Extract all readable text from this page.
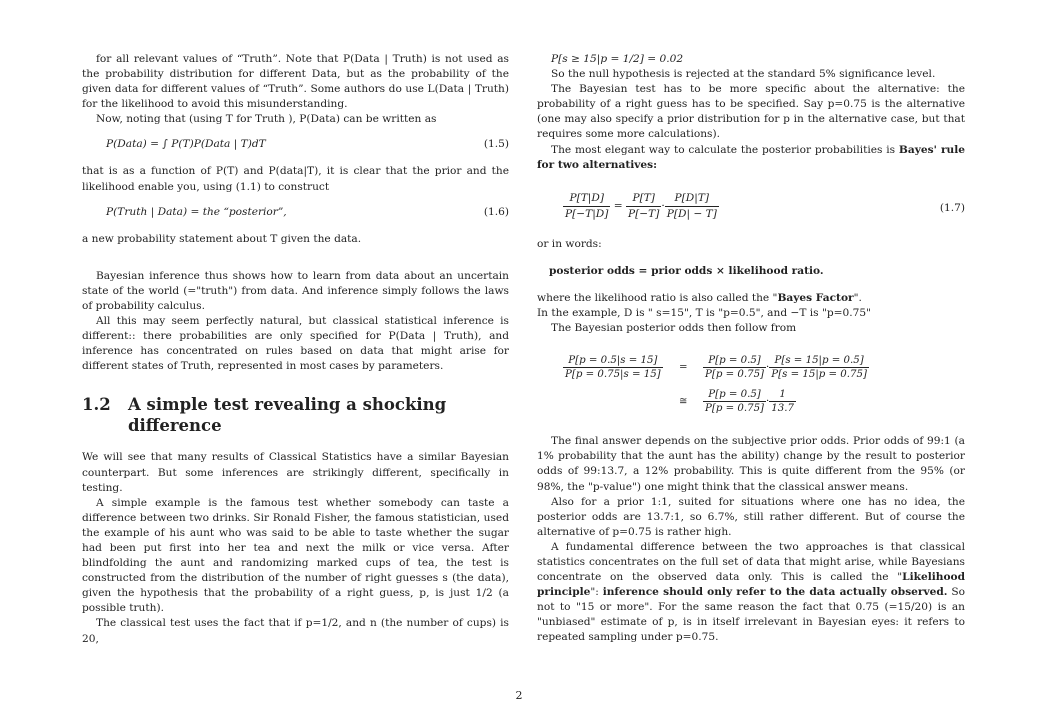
for all relevant values of “Truth”. Note that P(Data | Truth) is not used as the probability distribution for different Data, but as the probability of the given data for different values of “Truth”. Some authors do use L(Data | Truth) for the likelihood to avoid this misunderstanding.

Now, noting that (using T for Truth ), P(Data) can be written as

P(Data) = ∫ P(T)P(Data | T)dT	(1.5)

that is as a function of P(T) and P(data|T), it is clear that the prior and the likelihood enable you, using (1.1) to construct

P(Truth | Data) = the “posterior”,	(1.6)

a new probability statement about T given the data.

Bayesian inference thus shows how to learn from data about an uncertain state of the world (="truth") from data. And inference simply follows the laws of probability calculus.

All this may seem perfectly natural, but classical statistical inference is different:: there probabilities are only specified for P(Data | Truth), and inference has concentrated on rules based on data that might arise for different states of Truth, represented in most cases by parameters.

1.2 A simple test revealing a shocking difference

We will see that many results of Classical Statistics have a similar Bayesian counterpart. But some inferences are strikingly different, specifically in testing.

A simple example is the famous test whether somebody can taste a difference between two drinks. Sir Ronald Fisher, the famous statistician, used the example of his aunt who was said to be able to taste whether the sugar had been put first into her tea and next the milk or vice versa. After blindfolding the aunt and randomizing marked cups of tea, the test is constructed from the distribution of the number of right guesses s (the data), given the hypothesis that the probability of a right guess, p, is just 1/2 (a possible truth).

The classical test uses the fact that if p=1/2, and n (the number of cups) is 20,

P[s ≥ 15|p = 1/2] = 0.02

So the null hypothesis is rejected at the standard 5% significance level.

The Bayesian test has to be more specific about the alternative: the probability of a right guess has to be specified. Say p=0.75 is the alternative (one may also specify a prior distribution for p in the alternative case, but that requires some more calculations).

The most elegant way to calculate the posterior probabilities is Bayes' rule for two alternatives:

$\frac{P[T|D]}{P[-T|D]} = \frac{P[T]}{P[-T]} \cdot \frac{P[D|T]}{P[D| - T]}$	(1.7)

or in words:

posterior odds = prior odds × likelihood ratio.

where the likelihood ratio is also called the "Bayes Factor".

In the example, D is " s=15", T is "p=0.5", and −T is "p=0.75"

The Bayesian posterior odds then follow from

$\frac{P[p = 0.5|s = 15]}{P[p = 0.75|s = 15]} = \frac{P[p = 0.5]}{P[p = 0.75]} \cdot \frac{P[s = 15|p = 0.5]}{P[s = 15|p = 0.75]}$
≅ $\frac{P[p = 0.5]}{P[p = 0.75]} \cdot \frac{1}{13.7}$

The final answer depends on the subjective prior odds. Prior odds of 99:1 (a 1% probability that the aunt has the ability) change by the result to posterior odds of 99:13.7, a 12% probability. This is quite different from the 95% (or 98%, the "p-value") one might think that the classical answer means.

Also for a prior 1:1, suited for situations where one has no idea, the posterior odds are 13.7:1, so 6.7%, still rather different. But of course the alternative of p=0.75 is rather high.

A fundamental difference between the two approaches is that classical statistics concentrates on the full set of data that might arise, while Bayesians concentrate on the observed data only. This is called the "Likelihood principle": inference should only refer to the data actually observed. So not to "15 or more". For the same reason the fact that 0.75 (=15/20) is an "unbiased" estimate of p, is in itself irrelevant in Bayesian eyes: it refers to repeated sampling under p=0.75.

2
